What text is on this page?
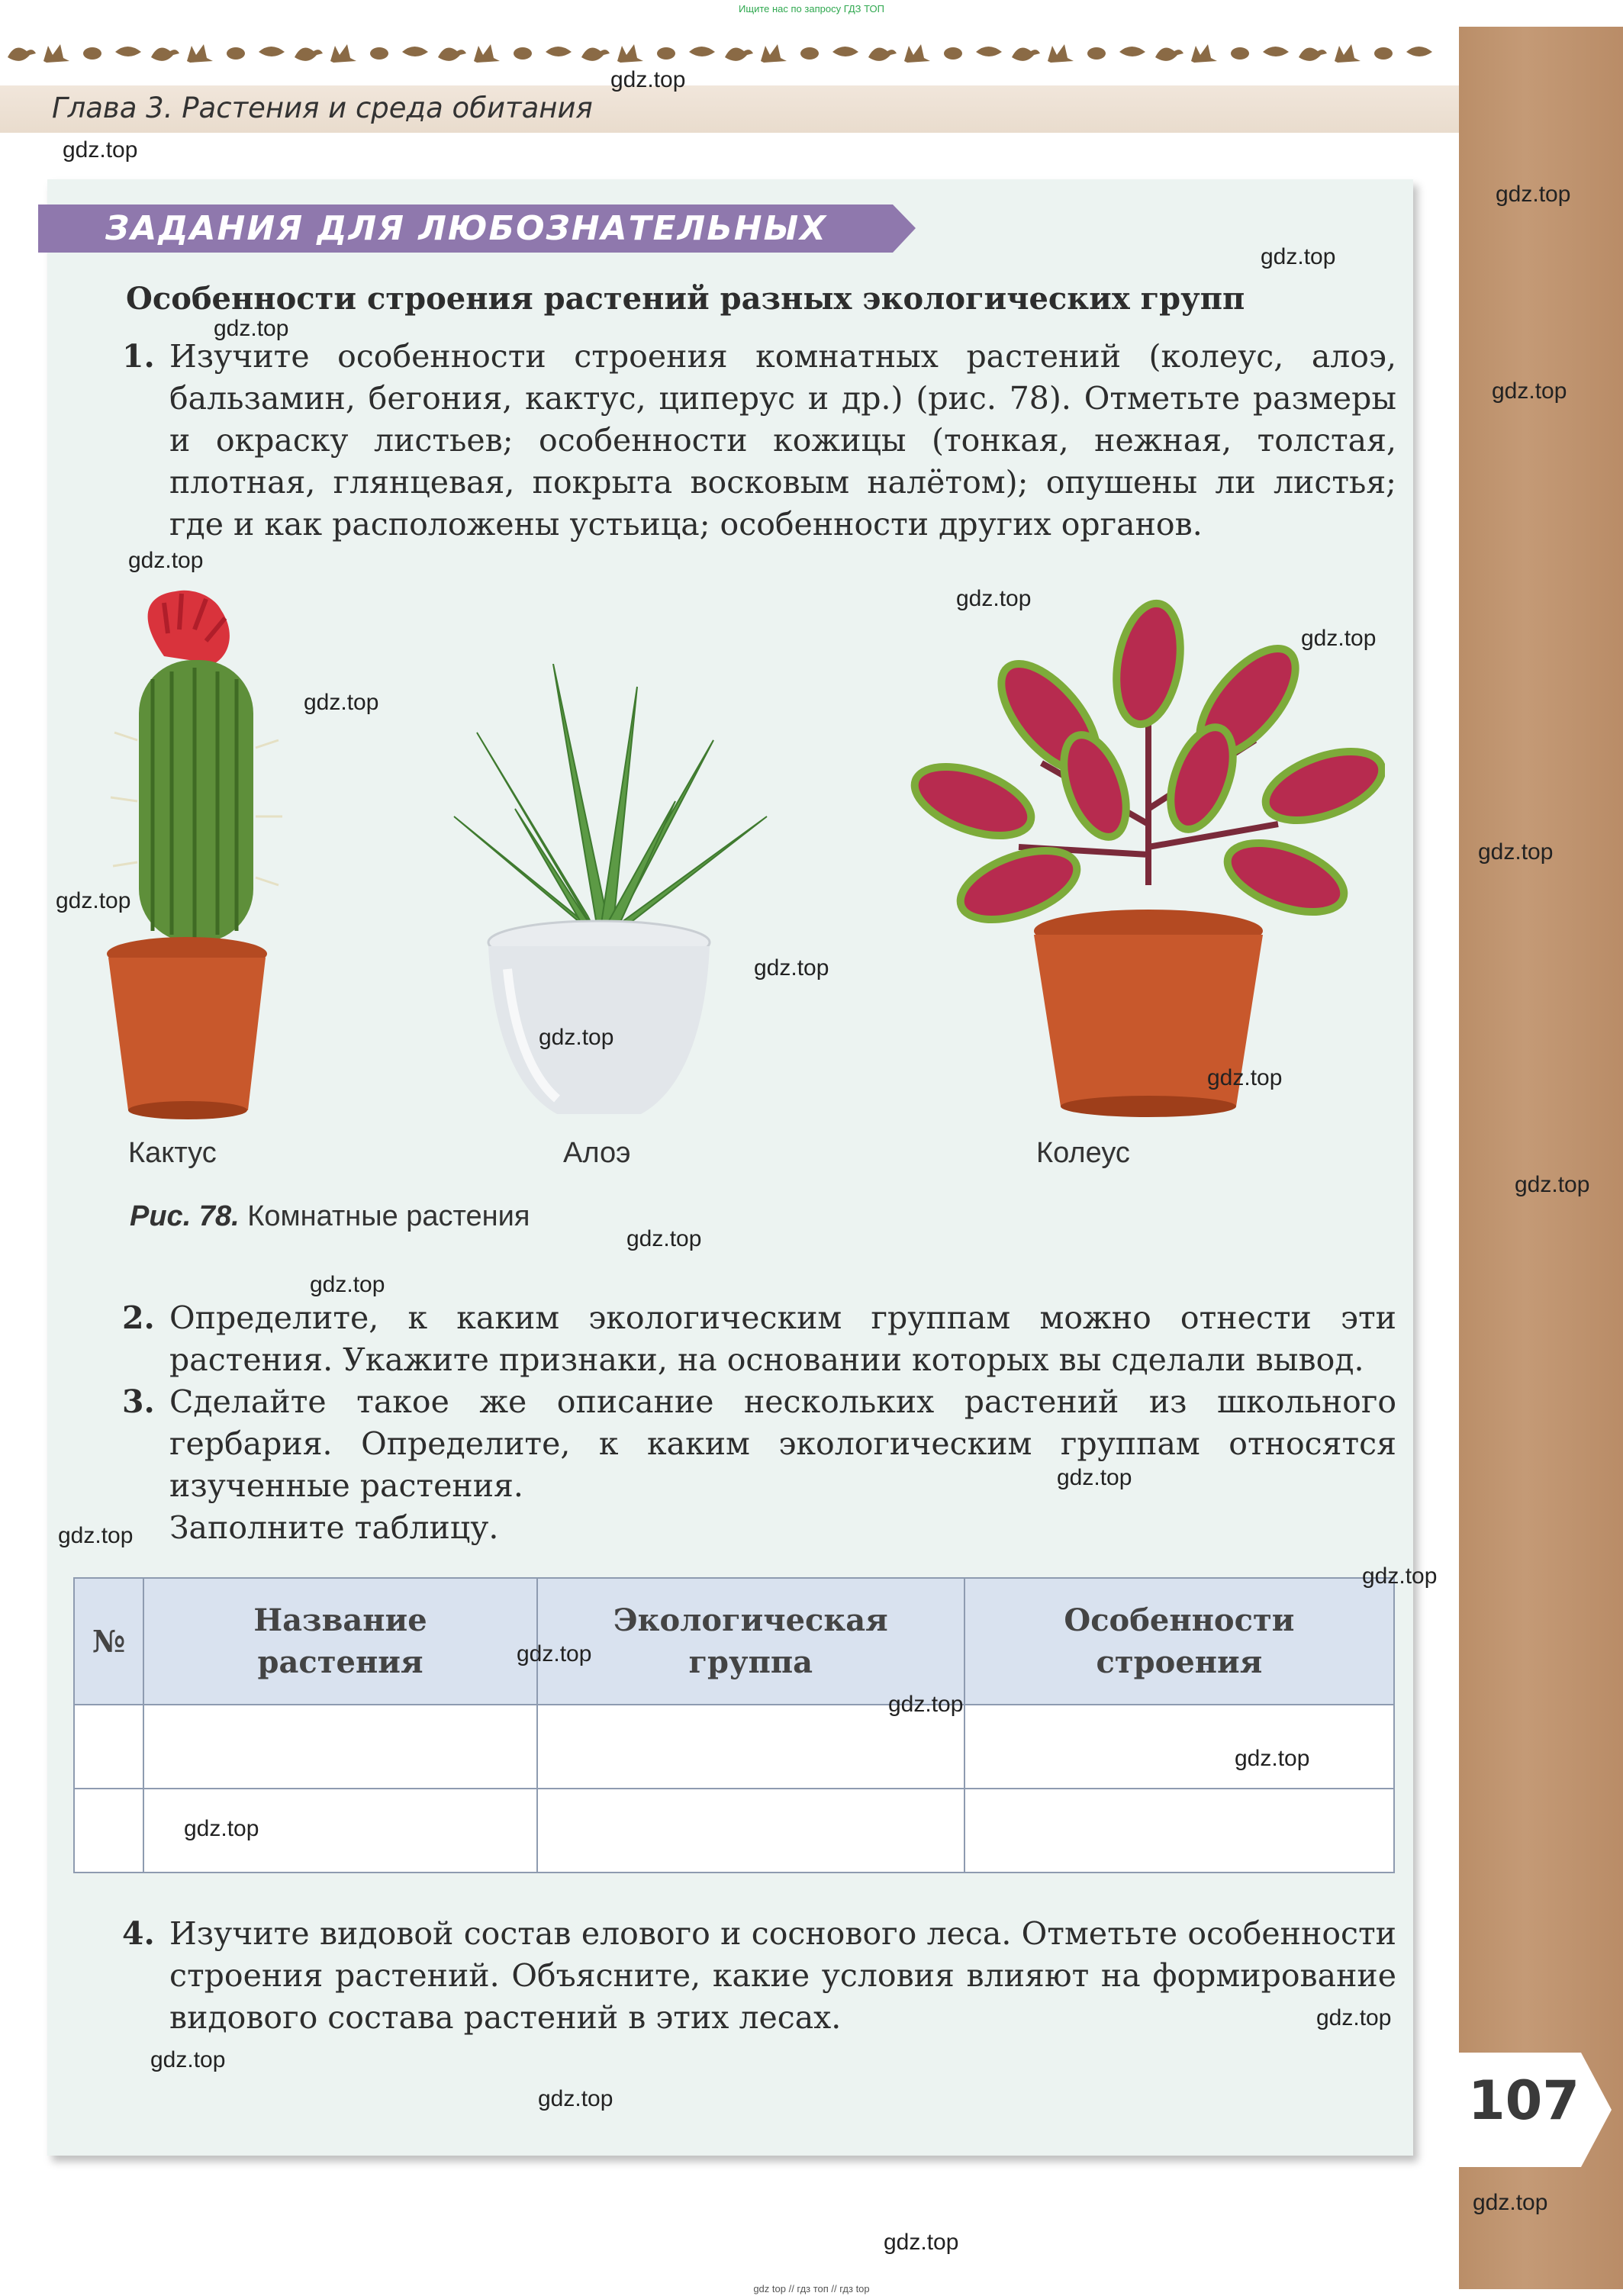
Ищите нас по запросу ГДЗ ТОП
Глава 3. Растения и среда обитания
ЗАДАНИЯ ДЛЯ ЛЮБОЗНАТЕЛЬНЫХ
Особенности строения растений разных экологических групп
1. Изучите особенности строения комнатных растений (колеус, алоэ, бальзамин, бегония, кактус, циперус и др.) (рис. 78). Отметьте размеры и окраску листьев; особенности кожицы (тонкая, нежная, толстая, плотная, глянцевая, покрыта восковым налётом); опушены ли листья; где и как расположены устьица; особенности других органов.
Кактус	Алоэ	Колеус
Рис. 78. Комнатные растения
2. Определите, к каким экологическим группам можно отнести эти растения. Укажите признаки, на основании которых вы сделали вывод.
3. Сделайте такое же описание нескольких растений из школьного гербария. Определите, к каким экологическим группам относятся изученные растения.
Заполните таблицу.
№	Название растения	Экологическая группа	Особенности строения

4. Изучите видовой состав елового и соснового леса. Отметьте особенности строения растений. Объясните, какие условия влияют на формирование видового состава растений в этих лесах.
107
gdz.top
gdz.top
gdz.top
gdz.top
gdz.top
gdz.top
gdz.top
gdz.top
gdz.top
gdz.top
gdz.top
gdz.top
gdz.top
gdz.top
gdz.top
gdz.top
gdz.top
gdz.top
gdz.top
gdz.top
gdz.top
gdz.top
gdz.top
gdz.top
gdz.top
gdz.top
gdz.top
gdz.top
gdz.top
gdz.top
gdz top // гдз топ // гдз top
